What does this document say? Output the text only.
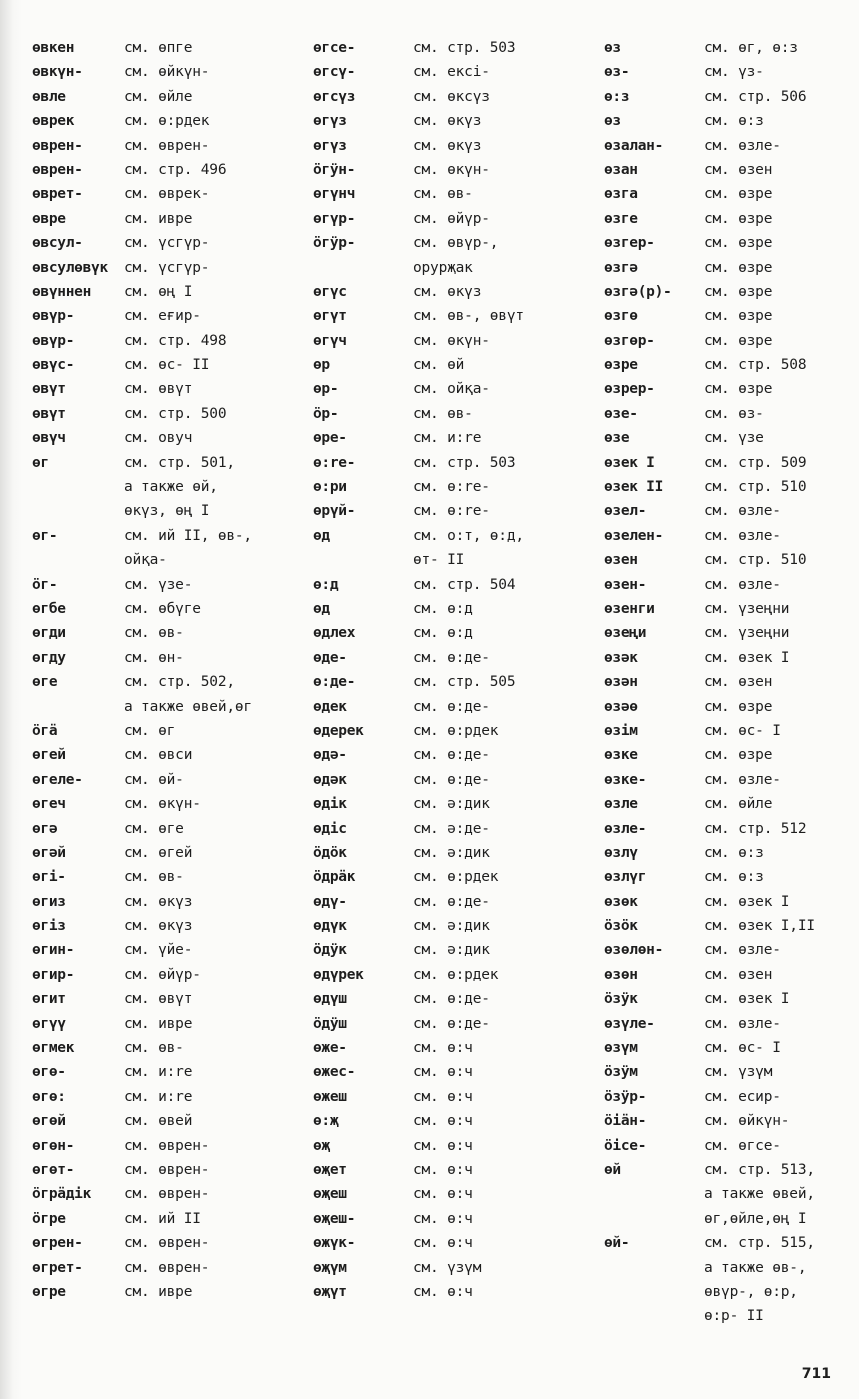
өвкен	см. өпге
өвкүн-	см. өйкүн-
өвле	см. өйле
өврек	см. ө:рдек
өврен-	см. өврен-
өврен-	см. стр. 496
өврет-	см. өврек-
өвре	см. иврe
өвсул-	см. үсгүр-
өвсулөвүк см. үсгүр-
өвүннен см. өң I
өвүр-	см. еғир-
өвүр-	см. стр. 498
өвүс-	см. өс- II
өвүт	см. өвүт
өвүт	см. стр. 500
өвүч	см. овуч
өг	см. стр. 501,
а также өй,
өкүз, өң I
өг-	см. ий II, өв-,
ойқа-
ӧг-	см. үзе-
өгбе	см. өбүге
өгди	см. өв-
өгду	см. өн-
өге	см. стр. 502,
а также өвей,өг
ӧгӓ	см. өг
өгей	см. өвси
өгеле-	см. өй-
өгеч	см. өкүн-
өгә	см. өге
өгәй	см. өгей
өгі-	см. өв-
өгиз	см. өкүз
өгіз	см. өкүз
өгин-	см. үйе-
өгир-	см. өйүр-
өгит	см. өвүт
өгүү	см. иврe
өгмек	см. өв-
өгө-	см. и:re
өгө:	см. и:re
өгөй	см. өвей
өгөн-	см. өврен-
өгөт-	см. өврен-
ӧгрӓдік см. өврен-
ӧгре	см. ий II
өгрен-	см. өврен-
өгрет-	см. өврен-
өгре	см. иврe
өгсе-	см. стр. 503
өгсү-	см. ексi-
өгсүз	см. өксүз
өгүз	см. өкүз
өгүз	см. өкүз
ӧгӱн-	см. өкүн-
өгүнч	см. өв-
өгүр-	см. өйүр-
ӧгӱр-	см. өвүр-,
орурҗак
өгүс	см. өкүз
өгүт	см. өв-, өвүт
өгүч	см. өкүн-
өр	см. өй
өр-	см. ойқа-
ӧр-	см. өв-
өре-	см. и:re
ө:re-	см. стр. 503
ө:ри	см. ө:re-
өрүй-	см. ө:re-
өд	см. о:т, ө:д,
өт- II
ө:д	см. стр. 504
өд	см. ө:д
өдлех	см. ө:д
өде-	см. ө:де-
ө:де-	см. стр. 505
өдек	см. ө:де-
өдерек	см. ө:рдек
өдә-	см. ө:де-
өдәк	см. ө:де-
өдік	см. ә:дик
өдіс	см. ә:де-
ӧдӧк	см. ә:дик
ӧдрӓк	см. ө:рдек
өдү-	см. ө:де-
өдүк	см. ә:дик
ӧдӱк	см. ә:дик
өдүрек	см. ө:рдек
өдүш	см. ө:де-
ӧдӱш	см. ө:де-
өже-	см. ө:ч
өжес-	см. ө:ч
өжеш	см. ө:ч
ө:җ	см. ө:ч
өҗ	см. ө:ч
өҗет	см. ө:ч
өҗеш	см. ө:ч
өҗеш-	см. ө:ч
өжүк-	см. ө:ч
өҗүм	см. үзүм
өҗүт	см. ө:ч
өз	см. өг, ө:з
өз-	см. үз-
ө:з	см. стр. 506
өз	см. ө:з
өзалан-	см. өзле-
өзан	см. өзен
өзга	см. өзре
өзге	см. өзре
өзгер-	см. өзре
өзгә	см. өзре
өзгә(р)- см. өзре
өзгө	см. өзре
өзгөр-	см. өзре
өзре	см. стр. 508
өзрер-	см. өзре
өзе-	см. өз-
өзе	см. үзе
өзек I	см. стр. 509
өзек II	см. стр. 510
өзел-	см. өзле-
өзелен-	см. өзле-
өзен	см. стр. 510
өзен-	см. өзле-
өзенги	см. үзеңни
өзеңи	см. үзеңни
өзәк	см. өзек I
өзән	см. өзен
өзәө	см. өзре
өзім	см. өс- I
өзке	см. өзре
өзке-	см. өзле-
өзле	см. өйле
өзле-	см. стр. 512
өзлү	см. ө:з
өзлүг	см. ө:з
өзөк	см. өзек I
ӧзӧк	см. өзек I,II
өзөлөн-	см. өзле-
өзөн	см. өзен
ӧзӱк	см. өзек I
өзүле-	см. өзле-
өзүм	см. өс- I
ӧзӱм	см. үзүм
ӧзӱр-	см. есир-
ӧіӓн-	см. өйкүн-
ӧісе-	см. өгсе-
өй	см. стр. 513,
а также өвей,
өг,өйле,өң I
өй-	см. стр. 515,
а также өв-,
өвүр-, ө:р,
ө:р- II
711
